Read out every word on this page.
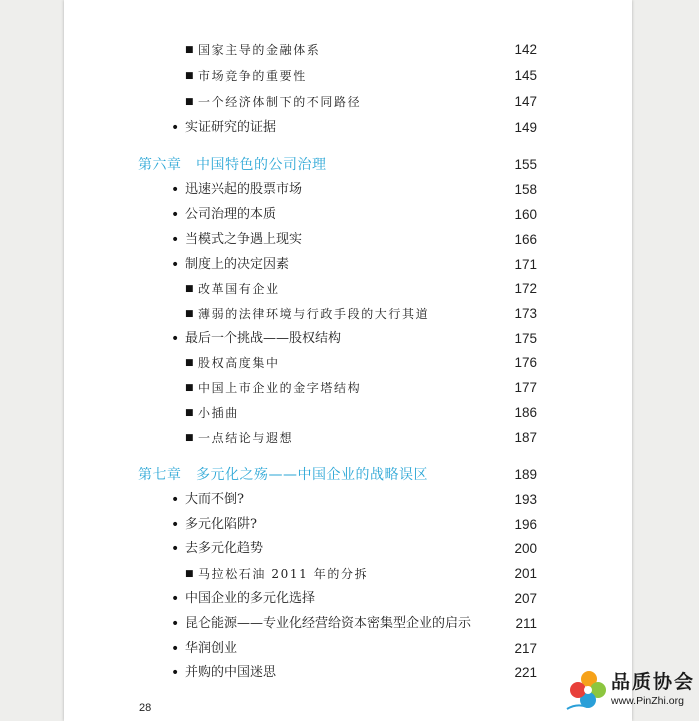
■ 国家主导的金融体系	142
■ 市场竞争的重要性	145
■ 一个经济体制下的不同路径	147
• 实证研究的证据	149
第六章　中国特色的公司治理	155
• 迅速兴起的股票市场	158
• 公司治理的本质	160
• 当模式之争遇上现实	166
• 制度上的决定因素	171
■ 改革国有企业	172
■ 薄弱的法律环境与行政手段的大行其道	173
• 最后一个挑战——股权结构	175
■ 股权高度集中	176
■ 中国上市企业的金字塔结构	177
■ 小插曲	186
■ 一点结论与遐想	187
第七章　多元化之殇——中国企业的战略误区	189
• 大而不倒?	193
• 多元化陷阱?	196
• 去多元化趋势	200
■ 马拉松石油 2011 年的分拆	201
• 中国企业的多元化选择	207
• 昆仑能源——专业化经营给资本密集型企业的启示	211
• 华润创业	217
• 并购的中国迷思	221
28
品质协会
www.PinZhi.org
